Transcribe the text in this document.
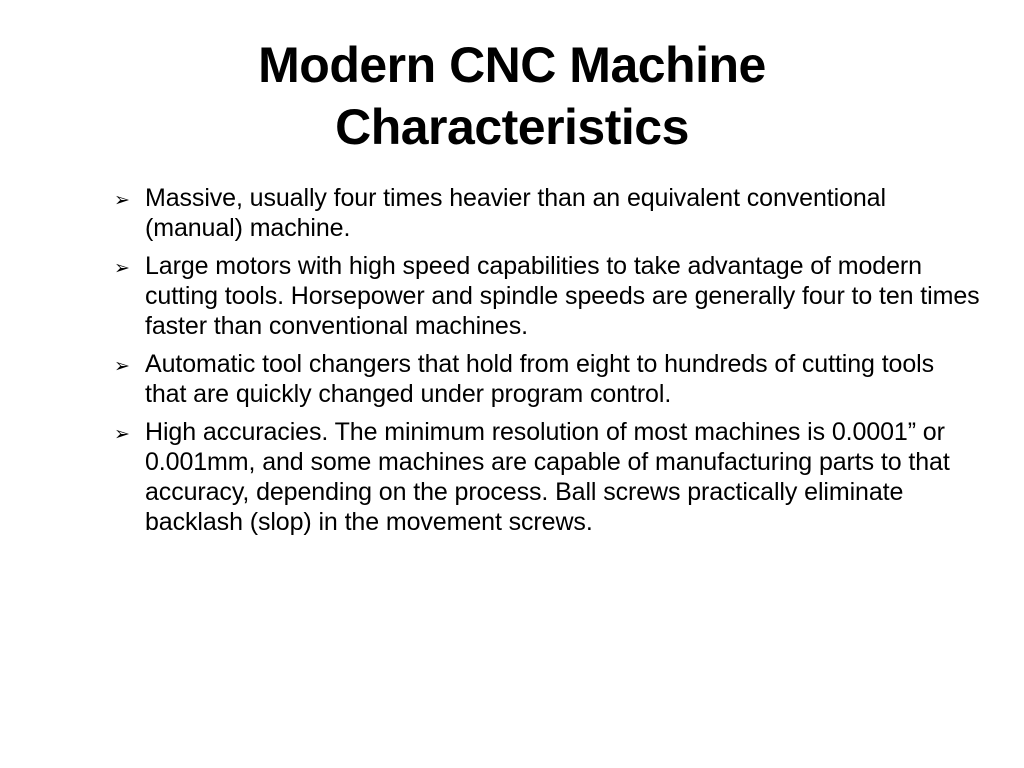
Modern CNC Machine
Characteristics
➢ Massive, usually four times heavier than an equivalent conventional (manual) machine.
➢ Large motors with high speed capabilities to take advantage of modern cutting tools. Horsepower and spindle speeds are generally four to ten times faster than conventional machines.
➢ Automatic tool changers that hold from eight to hundreds of cutting tools that are quickly changed under program control.
➢ High accuracies. The minimum resolution of most machines is 0.0001” or 0.001mm, and some machines are capable of manufacturing parts to that accuracy, depending on the process. Ball screws practically eliminate backlash (slop) in the movement screws.
